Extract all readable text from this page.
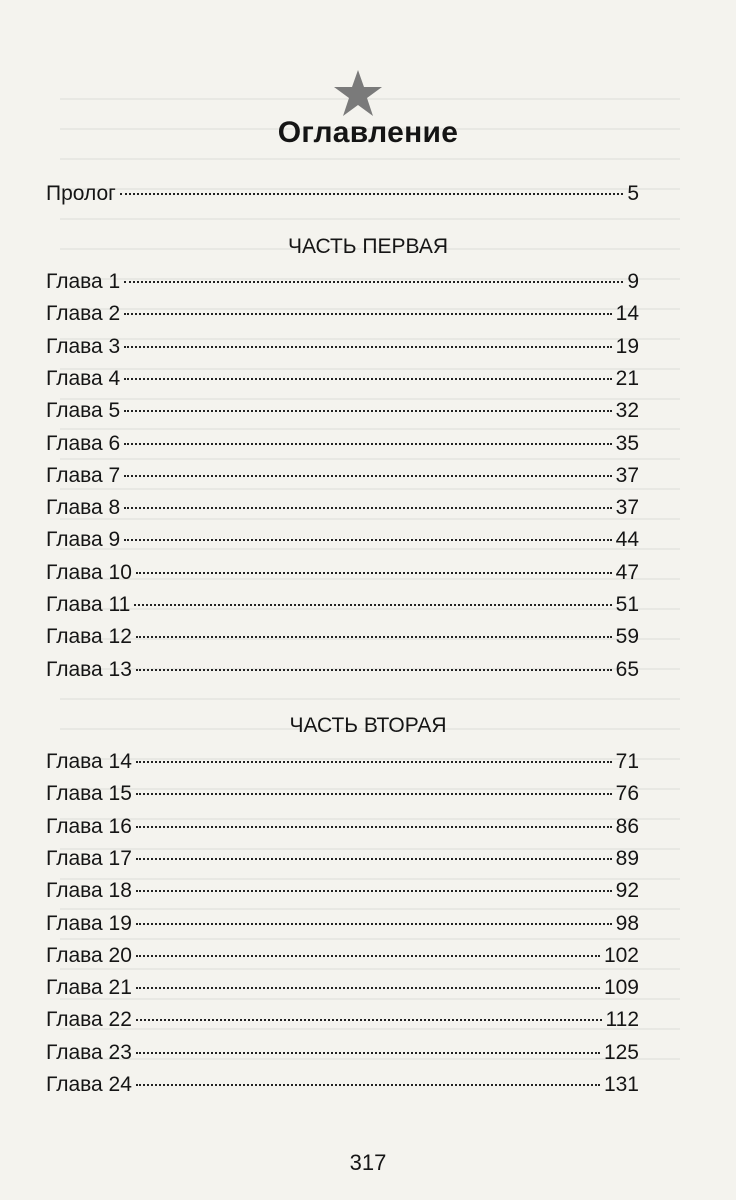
Оглавление
Пролог	5
ЧАСТЬ ПЕРВАЯ
Глава 1	9
Глава 2	14
Глава 3	19
Глава 4	21
Глава 5	32
Глава 6	35
Глава 7	37
Глава 8	37
Глава 9	44
Глава 10	47
Глава 11	51
Глава 12	59
Глава 13	65
ЧАСТЬ ВТОРАЯ
Глава 14	71
Глава 15	76
Глава 16	86
Глава 17	89
Глава 18	92
Глава 19	98
Глава 20	102
Глава 21	109
Глава 22	112
Глава 23	125
Глава 24	131
317
